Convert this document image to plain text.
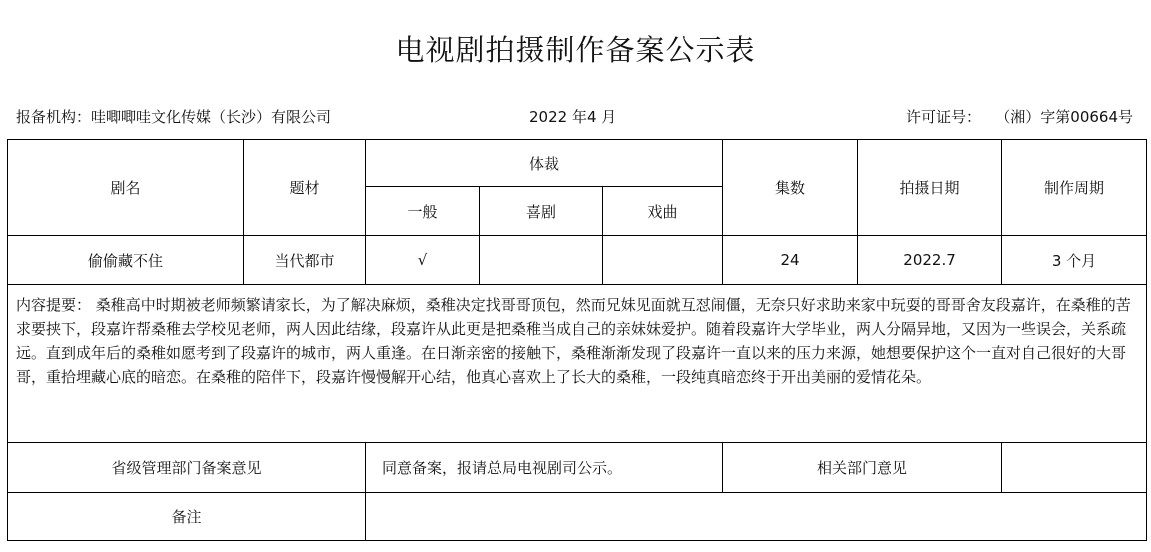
电视剧拍摄制作备案公示表
报备机构：哇唧唧哇文化传媒（长沙）有限公司	2022 年4 月	许可证号：   （湘）字第00664号
剧名	题材	体裁			集数	拍摄日期	制作周期
		一般	喜剧	戏曲			
偷偷藏不住	当代都市	√			24	2022.7	3 个月
内容提要： 桑稚高中时期被老师频繁请家长，为了解决麻烦，桑稚决定找哥哥顶包，然而兄妹见面就互怼闹僵，无奈只好求助来家中玩耍的哥哥舍友段嘉许，在桑稚的苦求要挟下，段嘉许帮桑稚去学校见老师，两人因此结缘，段嘉许从此更是把桑稚当成自己的亲妹妹爱护。随着段嘉许大学毕业，两人分隔异地，又因为一些误会，关系疏远。直到成年后的桑稚如愿考到了段嘉许的城市，两人重逢。在日渐亲密的接触下，桑稚渐渐发现了段嘉许一直以来的压力来源，她想要保护这个一直对自己很好的大哥哥，重拾埋藏心底的暗恋。在桑稚的陪伴下，段嘉许慢慢解开心结，他真心喜欢上了长大的桑稚，一段纯真暗恋终于开出美丽的爱情花朵。							
省级管理部门备案意见		同意备案，报请总局电视剧司公示。			相关部门意见		
备注							
